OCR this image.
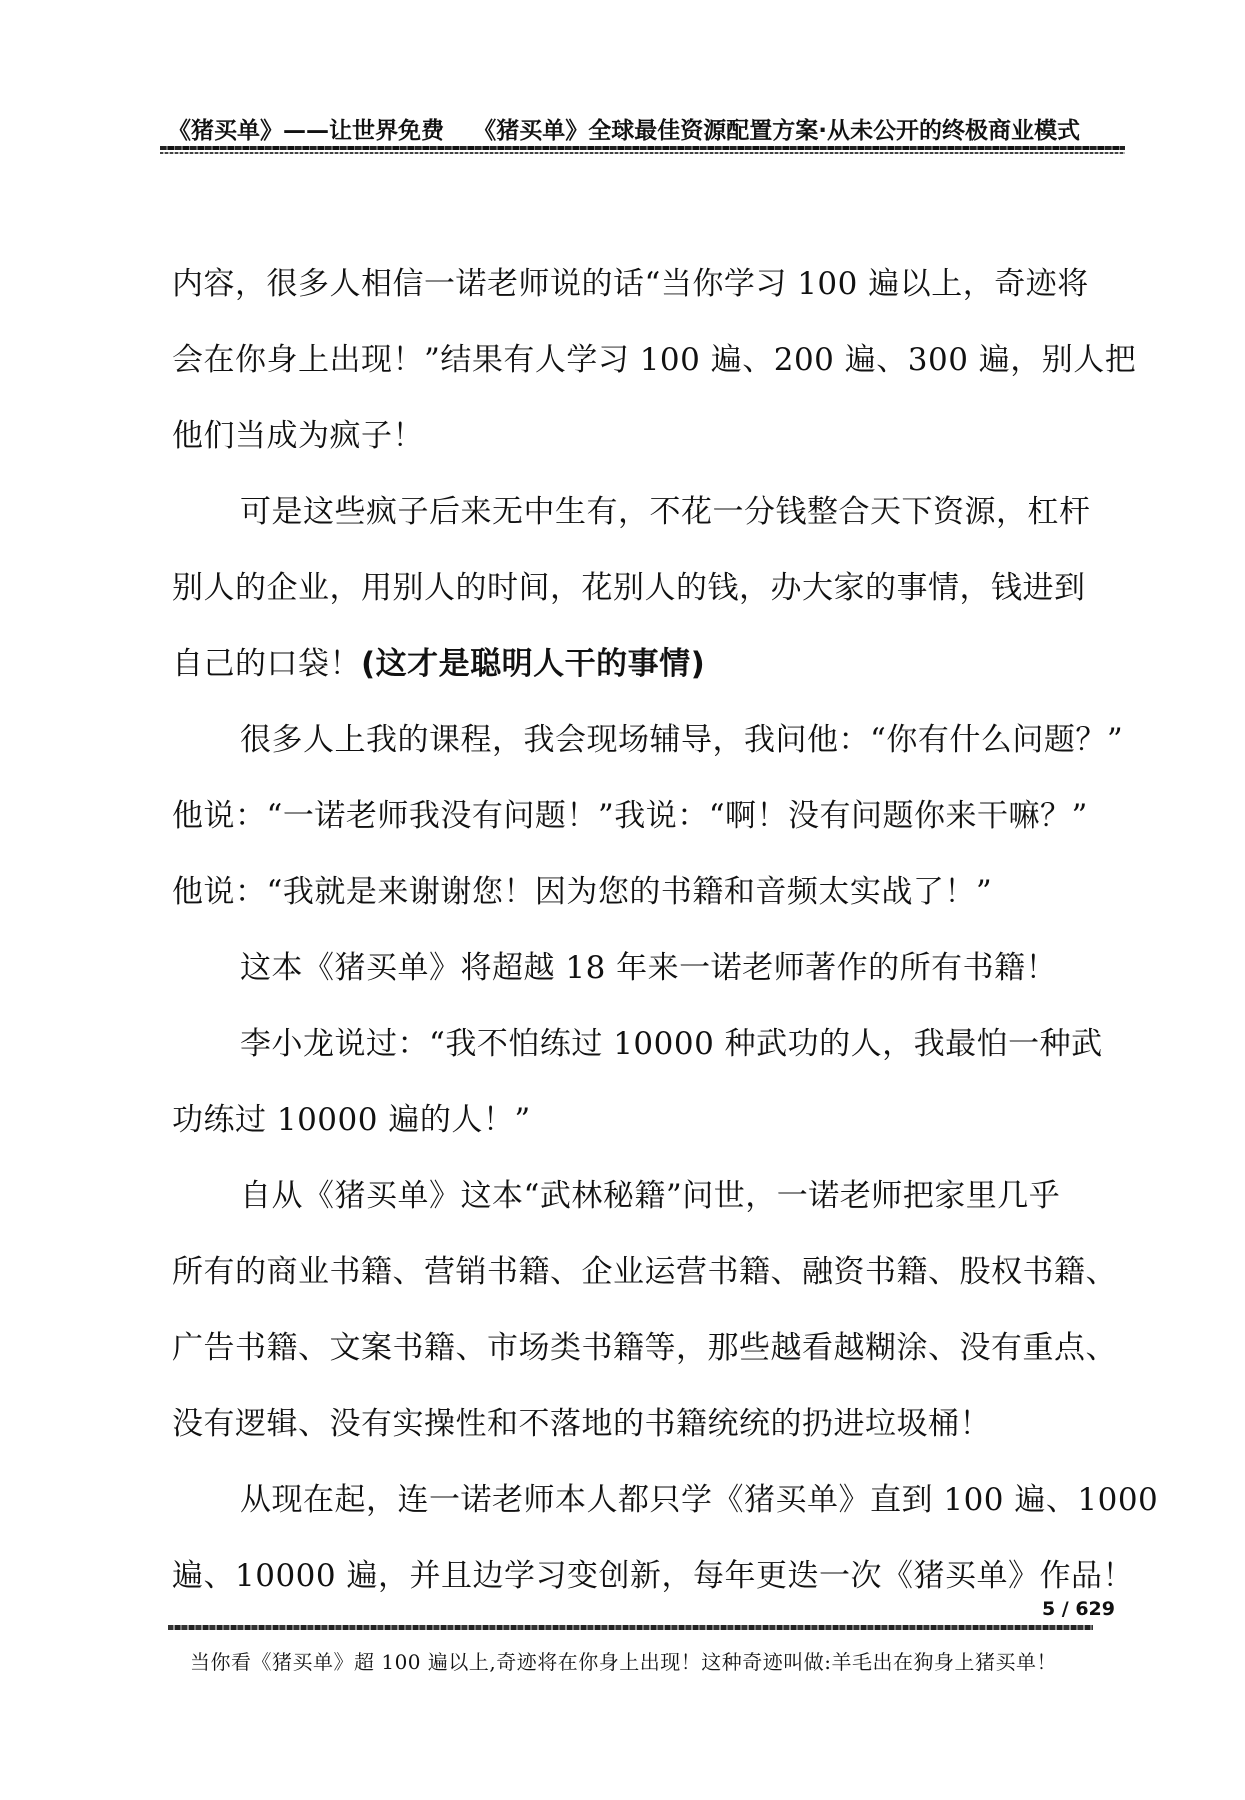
《猪买单》——让世界免费 《猪买单》全球最佳资源配置方案·从未公开的终极商业模式
内容，很多人相信一诺老师说的话“当你学习 100 遍以上，奇迹将
会在你身上出现！”结果有人学习 100 遍、200 遍、300 遍，别人把
他们当成为疯子！
可是这些疯子后来无中生有，不花一分钱整合天下资源，杠杆
别人的企业，用别人的时间，花别人的钱，办大家的事情，钱进到
自己的口袋！(这才是聪明人干的事情)
很多人上我的课程，我会现场辅导，我问他：“你有什么问题？”
他说：“一诺老师我没有问题！”我说：“啊！没有问题你来干嘛？”
他说：“我就是来谢谢您！因为您的书籍和音频太实战了！”
这本《猪买单》将超越 18 年来一诺老师著作的所有书籍！
李小龙说过：“我不怕练过 10000 种武功的人，我最怕一种武
功练过 10000 遍的人！”
自从《猪买单》这本“武林秘籍”问世，一诺老师把家里几乎
所有的商业书籍、营销书籍、企业运营书籍、融资书籍、股权书籍、
广告书籍、文案书籍、市场类书籍等，那些越看越糊涂、没有重点、
没有逻辑、没有实操性和不落地的书籍统统的扔进垃圾桶！
从现在起，连一诺老师本人都只学《猪买单》直到 100 遍、1000
遍、10000 遍，并且边学习变创新，每年更迭一次《猪买单》作品！
5 / 629
当你看《猪买单》超 100 遍以上,奇迹将在你身上出现！这种奇迹叫做:羊毛出在狗身上猪买单！
